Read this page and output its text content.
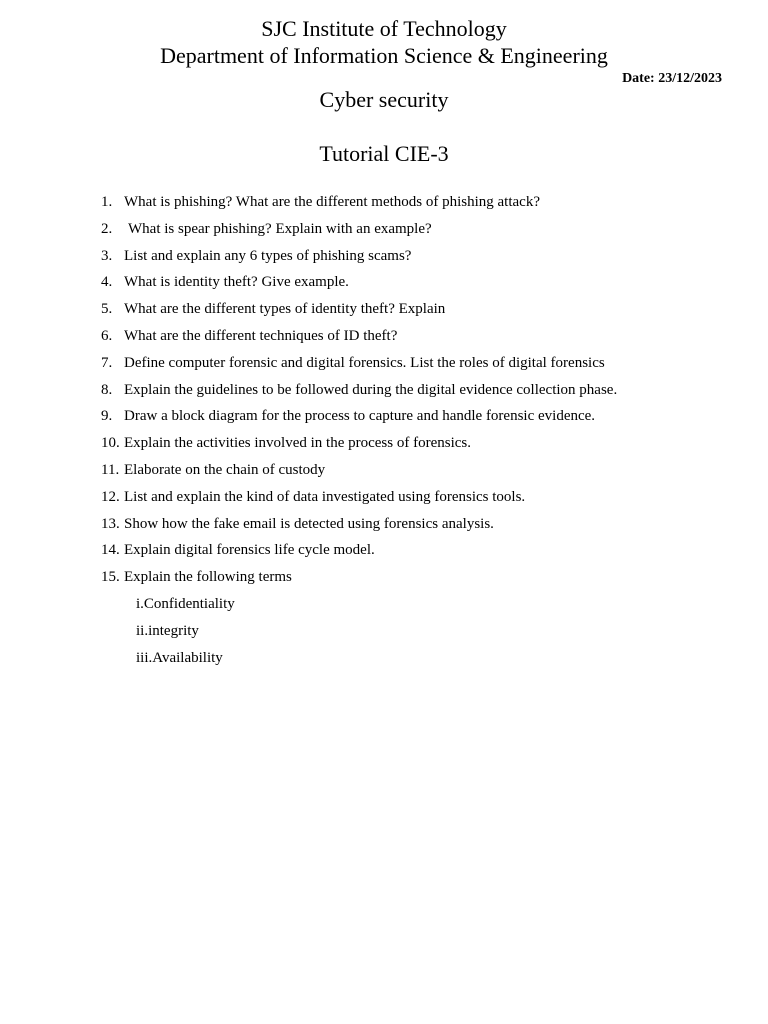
SJC Institute of Technology
Department of Information Science & Engineering
Date: 23/12/2023
Cyber security
Tutorial CIE-3
1. What is phishing? What are the different methods of phishing attack?
2. What is spear phishing? Explain with an example?
3. List and explain any 6 types of phishing scams?
4. What is identity theft? Give example.
5. What are the different types of identity theft? Explain
6. What are the different techniques of ID theft?
7. Define computer forensic and digital forensics. List the roles of digital forensics
8. Explain the guidelines to be followed during the digital evidence collection phase.
9. Draw a block diagram for the process to capture and handle forensic evidence.
10. Explain the activities involved in the process of forensics.
11. Elaborate on the chain of custody
12. List and explain the kind of data investigated using forensics tools.
13. Show how the fake email is detected using forensics analysis.
14. Explain digital forensics life cycle model.
15. Explain the following terms
i.Confidentiality
ii.integrity
iii.Availability
